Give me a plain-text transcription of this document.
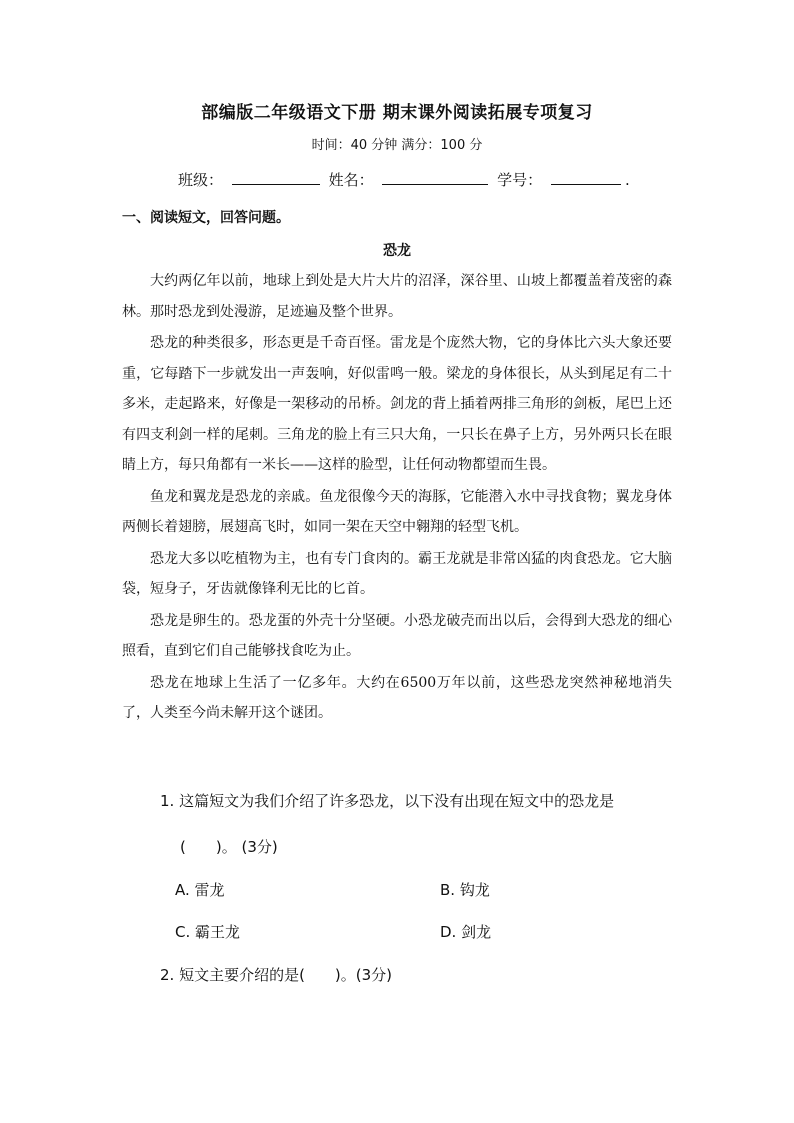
部编版二年级语文下册 期末课外阅读拓展专项复习
时间：40 分钟 满分：100 分
班级：	姓名：	学号：	.
一、阅读短文，回答问题。
恐龙

大约两亿年以前，地球上到处是大片大片的沼泽，深谷里、山坡上都覆盖着茂密的森林。那时恐龙到处漫游，足迹遍及整个世界。

恐龙的种类很多，形态更是千奇百怪。雷龙是个庞然大物，它的身体比六头大象还要重，它每踏下一步就发出一声轰响，好似雷鸣一般。梁龙的身体很长，从头到尾足有二十多米，走起路来，好像是一架移动的吊桥。剑龙的背上插着两排三角形的剑板，尾巴上还有四支利剑一样的尾刺。三角龙的脸上有三只大角，一只长在鼻子上方，另外两只长在眼睛上方，每只角都有一米长——这样的脸型，让任何动物都望而生畏。

鱼龙和翼龙是恐龙的亲戚。鱼龙很像今天的海豚，它能潜入水中寻找食物；翼龙身体两侧长着翅膀，展翅高飞时，如同一架在天空中翱翔的轻型飞机。

恐龙大多以吃植物为主，也有专门食肉的。霸王龙就是非常凶猛的肉食恐龙。它大脑袋，短身子，牙齿就像锋利无比的匕首。

恐龙是卵生的。恐龙蛋的外壳十分坚硬。小恐龙破壳而出以后，会得到大恐龙的细心照看，直到它们自己能够找食吃为止。

恐龙在地球上生活了一亿多年。大约在6500万年以前，这些恐龙突然神秘地消失了，人类至今尚未解开这个谜团。

1. 这篇短文为我们介绍了许多恐龙，以下没有出现在短文中的恐龙是
(　　)。 (3分)
A. 雷龙	B. 钩龙
C. 霸王龙	D. 剑龙
2. 短文主要介绍的是(　　)。(3分)
